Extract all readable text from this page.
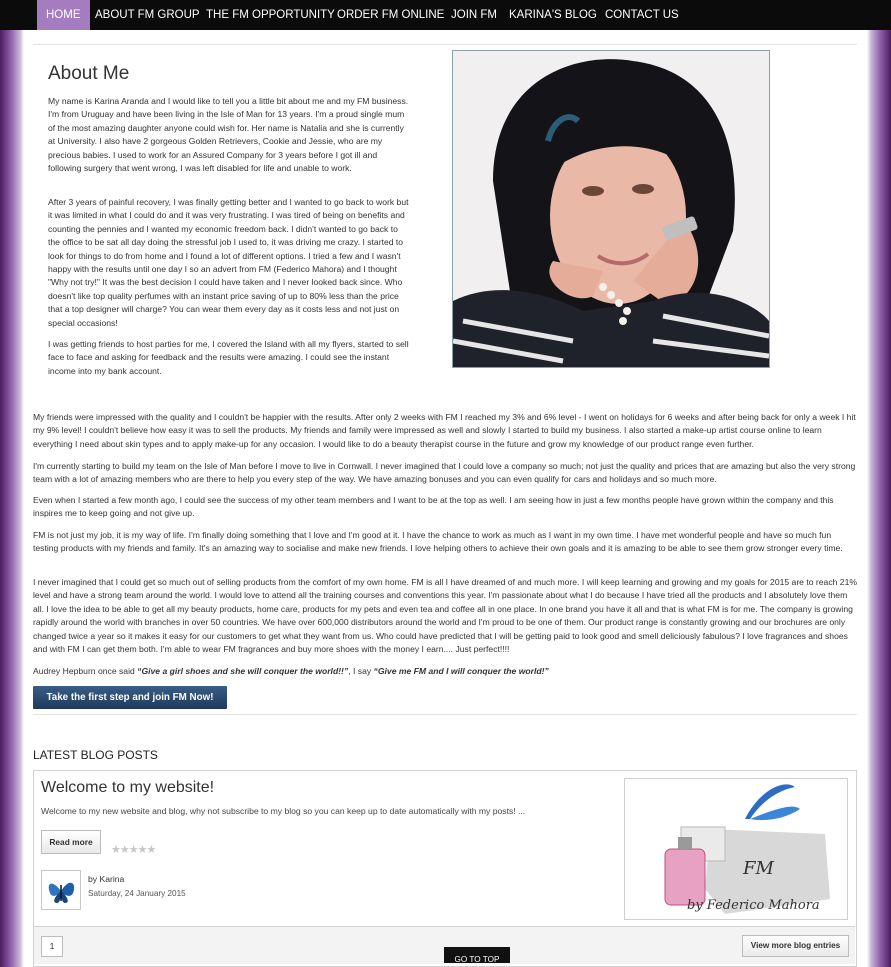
HOME	ABOUT FM GROUP THE FM OPPORTUNITY ORDER FM ONLINE JOIN FM	KARINA'S BLOG CONTACT US
About Me

My name is Karina Aranda and I would like to tell you a little bit about me and my FM business. I'm from Uruguay and have been living in the Isle of Man for 13 years. I'm a proud single mum of the most amazing daughter anyone could wish for. Her name is Natalia and she is currently at University. I also have 2 gorgeous Golden Retrievers, Cookie and Jessie, who are my precious babies. I used to work for an Assured Company for 3 years before I got ill and following surgery that went wrong, I was left disabled for life and unable to work.

After 3 years of painful recovery, I was finally getting better and I wanted to go back to work but it was limited in what I could do and it was very frustrating. I was tired of being on benefits and counting the pennies and I wanted my economic freedom back. I didn't wanted to go back to the office to be sat all day doing the stressful job I used to, it was driving me crazy. I started to look for things to do from home and I found a lot of different options. I tried a few and I wasn't happy with the results until one day I so an advert from FM (Federico Mahora) and I thought "Why not try!" It was the best decision I could have taken and I never looked back since. Who doesn't like top quality perfumes with an instant price saving of up to 80% less than the price that a top designer will charge? You can wear them every day as it costs less and not just on special occasions!

I was getting friends to host parties for me, I covered the Island with all my flyers, started to sell face to face and asking for feedback and the results were amazing. I could see the instant income into my bank account.

My friends were impressed with the quality and I couldn't be happier with the results. After only 2 weeks with FM I reached my 3% and 6% level - I went on holidays for 6 weeks and after being back for only a week I hit my 9% level! I couldn't believe how easy it was to sell the products. My friends and family were impressed as well and slowly I started to build my business. I also started a make-up artist course online to learn everything I need about skin types and to apply make-up for any occasion. I would like to do a beauty therapist course in the future and grow my knowledge of our product range even further.

I'm currently starting to build my team on the Isle of Man before I move to live in Cornwall. I never imagined that I could love a company so much; not just the quality and prices that are amazing but also the very strong team with a lot of amazing members who are there to help you every step of the way. We have amazing bonuses and you can even qualify for cars and holidays and so much more.

Even when I started a few month ago, I could see the success of my other team members and I want to be at the top as well. I am seeing how in just a few months people have grown within the company and this inspires me to keep going and not give up.

FM is not just my job, it is my way of life. I'm finally doing something that I love and I'm good at it. I have the chance to work as much as I want in my own time. I have met wonderful people and have so much fun testing products with my friends and family. It's an amazing way to socialise and make new friends. I love helping others to achieve their own goals and it is amazing to be able to see them grow stronger every time.

I never imagined that I could get so much out of selling products from the comfort of my own home. FM is all I have dreamed of and much more. I will keep learning and growing and my goals for 2015 are to reach 21% level and have a strong team around the world. I would love to attend all the training courses and conventions this year. I'm passionate about what I do because I have tried all the products and I absolutely love them all. I love the idea to be able to get all my beauty products, home care, products for my pets and even tea and coffee all in one place. In one brand you have it all and that is what FM is for me. The company is growing rapidly around the world with branches in over 50 countries. We have over 600,000 distributors around the world and I'm proud to be one of them. Our product range is constantly growing and our brochures are only changed twice a year so it makes it easy for our customers to get what they want from us. Who could have predicted that I will be getting paid to look good and smell deliciously fabulous? I love fragrances and shoes and with FM I can get them both. I'm able to wear FM fragrances and buy more shoes with the money I earn.... Just perfect!!!!

Audrey Hepburn once said “Give a girl shoes and she will conquer the world!!”, I say “Give me FM and I will conquer the world!”

Take the first step and join FM Now!
LATEST BLOG POSTS
Welcome to my website!
Welcome to my new website and blog, why not subscribe to my blog so you can keep up to date automatically with my posts! ...
Read more
★★★★★
by Karina
Saturday, 24 January 2015
FM
by Federico Mahora
1
GO TO TOP
View more blog entries
